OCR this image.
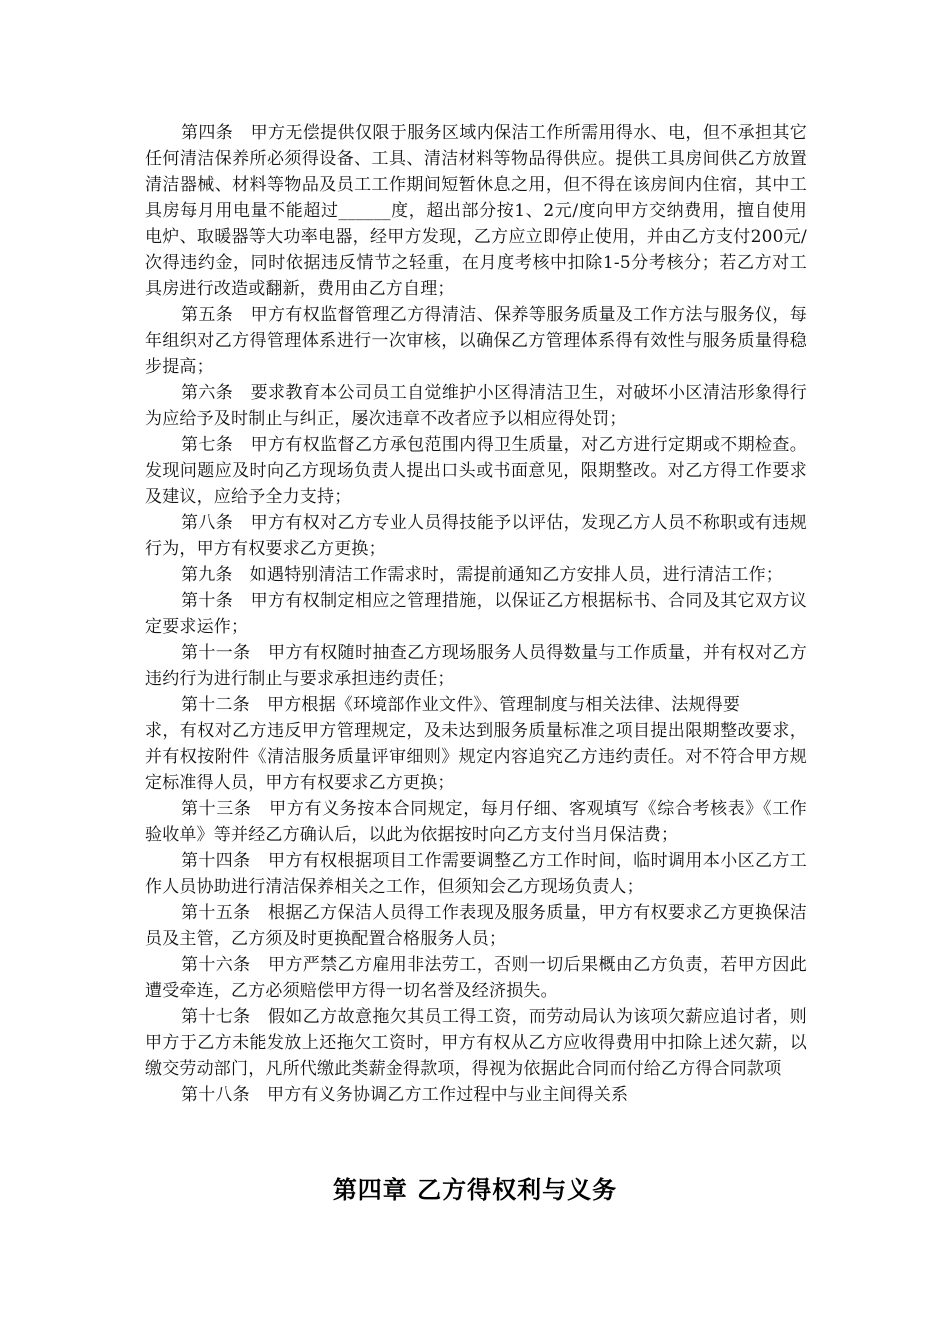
第四条　甲方无偿提供仅限于服务区域内保洁工作所需用得水、电，但不承担其它任何清洁保养所必须得设备、工具、清洁材料等物品得供应。提供工具房间供乙方放置清洁器械、材料等物品及员工工作期间短暂休息之用，但不得在该房间内住宿，其中工具房每月用电量不能超过______度，超出部分按1、2元/度向甲方交纳费用，擅自使用电炉、取暖器等大功率电器，经甲方发现，乙方应立即停止使用，并由乙方支付200元/次得违约金，同时依据违反情节之轻重，在月度考核中扣除1-5分考核分；若乙方对工具房进行改造或翻新，费用由乙方自理；

第五条　甲方有权监督管理乙方得清洁、保养等服务质量及工作方法与服务仪，每年组织对乙方得管理体系进行一次审核，以确保乙方管理体系得有效性与服务质量得稳步提高；

第六条　要求教育本公司员工自觉维护小区得清洁卫生，对破坏小区清洁形象得行为应给予及时制止与纠正，屡次违章不改者应予以相应得处罚；

第七条　甲方有权监督乙方承包范围内得卫生质量，对乙方进行定期或不期检查。发现问题应及时向乙方现场负责人提出口头或书面意见，限期整改。对乙方得工作要求及建议，应给予全力支持；

第八条　甲方有权对乙方专业人员得技能予以评估，发现乙方人员不称职或有违规行为，甲方有权要求乙方更换；

第九条　如遇特别清洁工作需求时，需提前通知乙方安排人员，进行清洁工作；

第十条　甲方有权制定相应之管理措施，以保证乙方根据标书、合同及其它双方议定要求运作；

第十一条　甲方有权随时抽查乙方现场服务人员得数量与工作质量，并有权对乙方违约行为进行制止与要求承担违约责任；

第十二条　甲方根据《环境部作业文件》、管理制度与相关法律、法规得要

求，有权对乙方违反甲方管理规定，及未达到服务质量标准之项目提出限期整改要求，并有权按附件《清洁服务质量评审细则》规定内容追究乙方违约责任。对不符合甲方规定标准得人员，甲方有权要求乙方更换；

第十三条　甲方有义务按本合同规定，每月仔细、客观填写《综合考核表》《工作验收单》等并经乙方确认后，以此为依据按时向乙方支付当月保洁费；

第十四条　甲方有权根据项目工作需要调整乙方工作时间，临时调用本小区乙方工作人员协助进行清洁保养相关之工作，但须知会乙方现场负责人；

第十五条　根据乙方保洁人员得工作表现及服务质量，甲方有权要求乙方更换保洁员及主管，乙方须及时更换配置合格服务人员；

第十六条　甲方严禁乙方雇用非法劳工，否则一切后果概由乙方负责，若甲方因此遭受牵连，乙方必须赔偿甲方得一切名誉及经济损失。

第十七条　假如乙方故意拖欠其员工得工资，而劳动局认为该项欠薪应追讨者，则甲方于乙方未能发放上还拖欠工资时，甲方有权从乙方应收得费用中扣除上述欠薪，以缴交劳动部门，凡所代缴此类薪金得款项，得视为依据此合同而付给乙方得合同款项

第十八条　甲方有义务协调乙方工作过程中与业主间得关系

第四章 乙方得权利与义务
